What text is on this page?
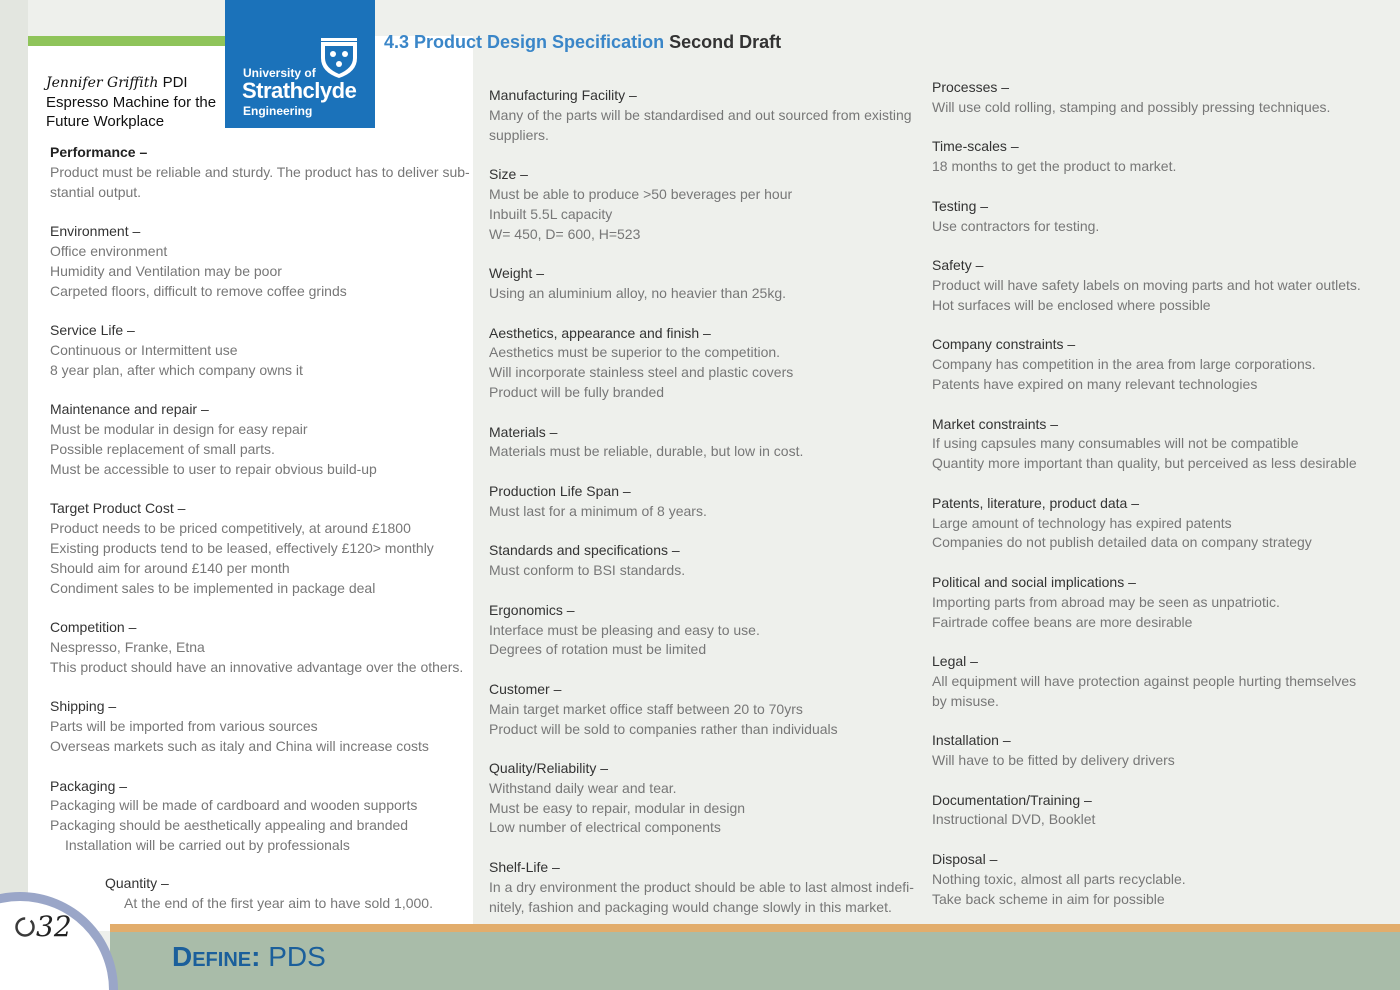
University of
Strathclyde
Engineering
4.3 Product Design Specification Second Draft
Jennifer Griffith PDI
Espresso Machine for the
Future Workplace
Performance –
Product must be reliable and sturdy. The product has to deliver sub-
stantial output.
Environment –
Office environment
Humidity and Ventilation may be poor
Carpeted floors, difficult to remove coffee grinds
Service Life –
Continuous or Intermittent use
8 year plan, after which company owns it
Maintenance and repair –
Must be modular in design for easy repair
Possible replacement of small parts.
Must be accessible to user to repair obvious build-up
Target Product Cost –
Product needs to be priced competitively, at around £1800
Existing products tend to be leased, effectively £120> monthly
Should aim for around £140 per month
Condiment sales to be implemented in package deal
Competition –
Nespresso, Franke, Etna
This product should have an innovative advantage over the others.
Shipping –
Parts will be imported from various sources
Overseas markets such as italy and China will increase costs
Packaging –
Packaging will be made of cardboard and wooden supports
Packaging should be aesthetically appealing and branded
Installation will be carried out by professionals
Quantity –
At the end of the first year aim to have sold 1,000.
Manufacturing Facility –
Many of the parts will be standardised and out sourced from existing
suppliers.
Size –
Must be able to produce >50 beverages per hour
Inbuilt 5.5L capacity
W= 450, D= 600, H=523
Weight –
Using an aluminium alloy, no heavier than 25kg.
Aesthetics, appearance and finish –
Aesthetics must be superior to the competition.
Will incorporate stainless steel and plastic covers
Product will be fully branded
Materials –
Materials must be reliable, durable, but low in cost.
Production Life Span –
Must last for a minimum of 8 years.
Standards and specifications –
Must conform to BSI standards.
Ergonomics –
Interface must be pleasing and easy to use.
Degrees of rotation must be limited
Customer –
Main target market office staff between 20 to 70yrs
Product will be sold to companies rather than individuals
Quality/Reliability –
Withstand daily wear and tear.
Must be easy to repair, modular in design
Low number of electrical components
Shelf-Life –
In a dry environment the product should be able to last almost indefi-
nitely, fashion and packaging would change slowly in this market.
Processes –
Will use cold rolling, stamping and possibly pressing techniques.
Time-scales –
18 months to get the product to market.
Testing –
Use contractors for testing.
Safety –
Product will have safety labels on moving parts and hot water outlets.
Hot surfaces will be enclosed where possible
Company constraints –
Company has competition in the area from large corporations.
Patents have expired on many relevant technologies
Market constraints –
If using capsules many consumables will not be compatible
Quantity more important than quality, but perceived as less desirable
Patents, literature, product data –
Large amount of technology has expired patents
Companies do not publish detailed data on company strategy
Political and social implications –
Importing parts from abroad may be seen as unpatriotic.
Fairtrade coffee beans are more desirable
Legal –
All equipment will have protection against people hurting themselves
by misuse.
Installation –
Will have to be fitted by delivery drivers
Documentation/Training –
Instructional DVD, Booklet
Disposal –
Nothing toxic, almost all parts recyclable.
Take back scheme in aim for possible
Define: PDS
32
